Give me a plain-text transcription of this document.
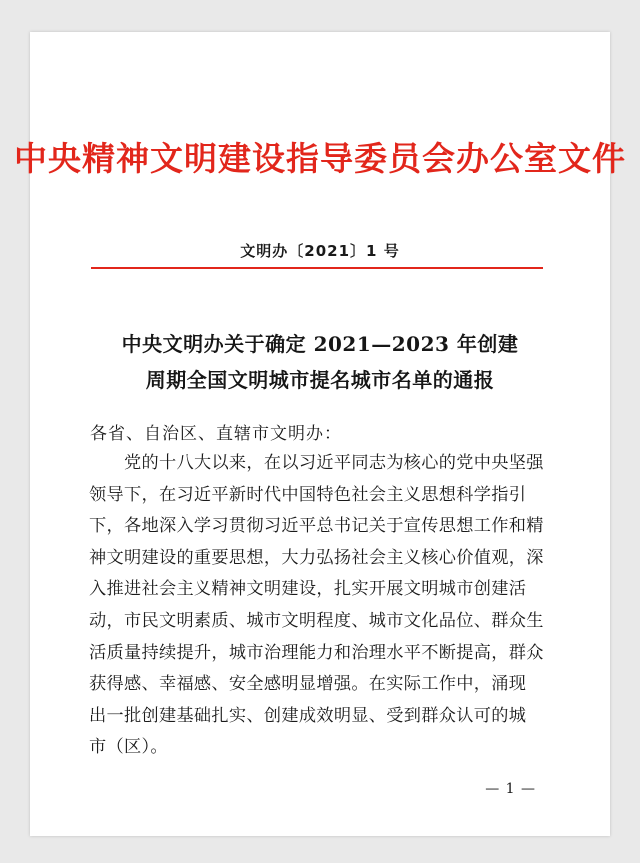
中央精神文明建设指导委员会办公室文件
文明办〔2021〕1 号
中央文明办关于确定 2021—2023 年创建
周期全国文明城市提名城市名单的通报
各省、自治区、直辖市文明办：
党的十八大以来，在以习近平同志为核心的党中央坚强
领导下，在习近平新时代中国特色社会主义思想科学指引
下，各地深入学习贯彻习近平总书记关于宣传思想工作和精
神文明建设的重要思想，大力弘扬社会主义核心价值观，深
入推进社会主义精神文明建设，扎实开展文明城市创建活
动，市民文明素质、城市文明程度、城市文化品位、群众生
活质量持续提升，城市治理能力和治理水平不断提高，群众
获得感、幸福感、安全感明显增强。在实际工作中，涌现
出一批创建基础扎实、创建成效明显、受到群众认可的城
市（区）。
— 1 —
